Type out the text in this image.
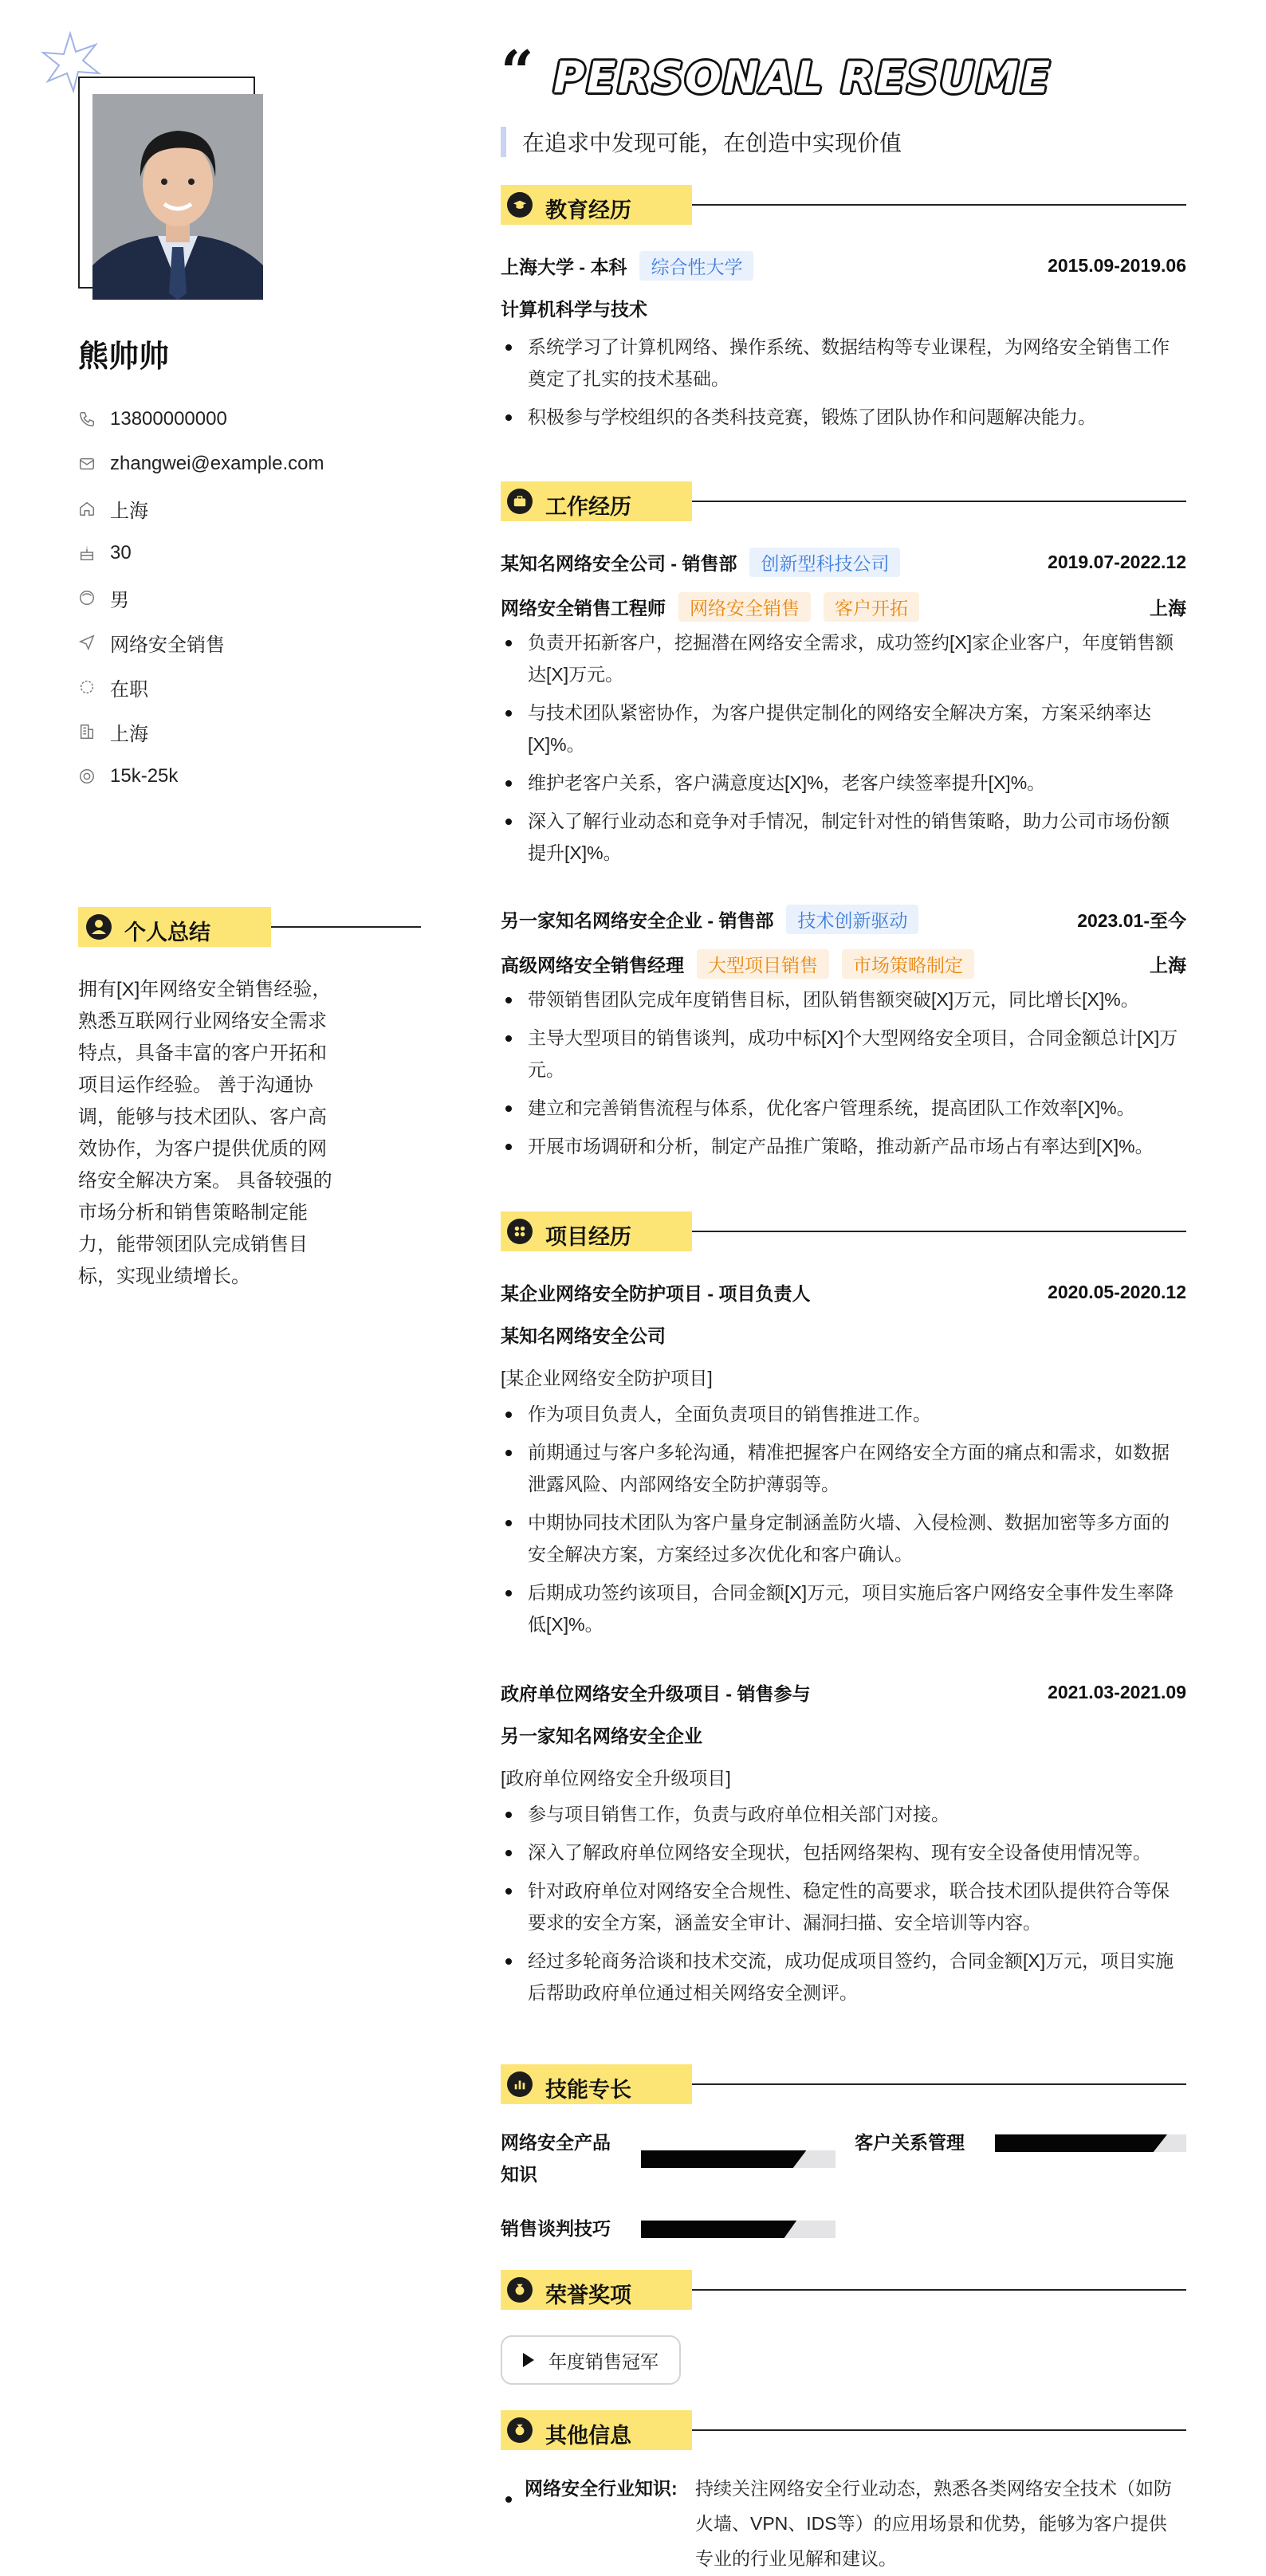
熊帅帅
13800000000
zhangwei@example.com
上海
30
男
网络安全销售
在职
上海
15k-25k
个人总结
拥有[X]年网络安全销售经验，熟悉互联网行业网络安全需求特点，具备丰富的客户开拓和项目运作经验。 善于沟通协调，能够与技术团队、客户高效协作，为客户提供优质的网络安全解决方案。 具备较强的市场分析和销售策略制定能力，能带领团队完成销售目标，实现业绩增长。
“ PERSONAL RESUME
在追求中发现可能，在创造中实现价值
教育经历
上海大学 - 本科	综合性大学	2015.09-2019.06
计算机科学与技术
系统学习了计算机网络、操作系统、数据结构等专业课程，为网络安全销售工作奠定了扎实的技术基础。
积极参与学校组织的各类科技竞赛，锻炼了团队协作和问题解决能力。
工作经历
某知名网络安全公司 - 销售部	创新型科技公司	2019.07-2022.12
网络安全销售工程师	网络安全销售	客户开拓	上海
负责开拓新客户，挖掘潜在网络安全需求，成功签约[X]家企业客户，年度销售额达[X]万元。
与技术团队紧密协作，为客户提供定制化的网络安全解决方案，方案采纳率达[X]%。
维护老客户关系，客户满意度达[X]%，老客户续签率提升[X]%。
深入了解行业动态和竞争对手情况，制定针对性的销售策略，助力公司市场份额提升[X]%。
另一家知名网络安全企业 - 销售部	技术创新驱动	2023.01-至今
高级网络安全销售经理	大型项目销售	市场策略制定	上海
带领销售团队完成年度销售目标，团队销售额突破[X]万元，同比增长[X]%。
主导大型项目的销售谈判，成功中标[X]个大型网络安全项目，合同金额总计[X]万元。
建立和完善销售流程与体系，优化客户管理系统，提高团队工作效率[X]%。
开展市场调研和分析，制定产品推广策略，推动新产品市场占有率达到[X]%。
项目经历
某企业网络安全防护项目 - 项目负责人	2020.05-2020.12
某知名网络安全公司
[某企业网络安全防护项目]
作为项目负责人，全面负责项目的销售推进工作。
前期通过与客户多轮沟通，精准把握客户在网络安全方面的痛点和需求，如数据泄露风险、内部网络安全防护薄弱等。
中期协同技术团队为客户量身定制涵盖防火墙、入侵检测、数据加密等多方面的安全解决方案，方案经过多次优化和客户确认。
后期成功签约该项目，合同金额[X]万元，项目实施后客户网络安全事件发生率降低[X]%。
政府单位网络安全升级项目 - 销售参与	2021.03-2021.09
另一家知名网络安全企业
[政府单位网络安全升级项目]
参与项目销售工作，负责与政府单位相关部门对接。
深入了解政府单位网络安全现状，包括网络架构、现有安全设备使用情况等。
针对政府单位对网络安全合规性、稳定性的高要求，联合技术团队提供符合等保要求的安全方案，涵盖安全审计、漏洞扫描、安全培训等内容。
经过多轮商务洽谈和技术交流，成功促成项目签约，合同金额[X]万元，项目实施后帮助政府单位通过相关网络安全测评。
技能专长
网络安全产品知识
客户关系管理
销售谈判技巧
荣誉奖项
年度销售冠军
其他信息
网络安全行业知识: 持续关注网络安全行业动态，熟悉各类网络安全技术（如防火墙、VPN、IDS等）的应用场景和优势，能够为客户提供专业的行业见解和建议。
